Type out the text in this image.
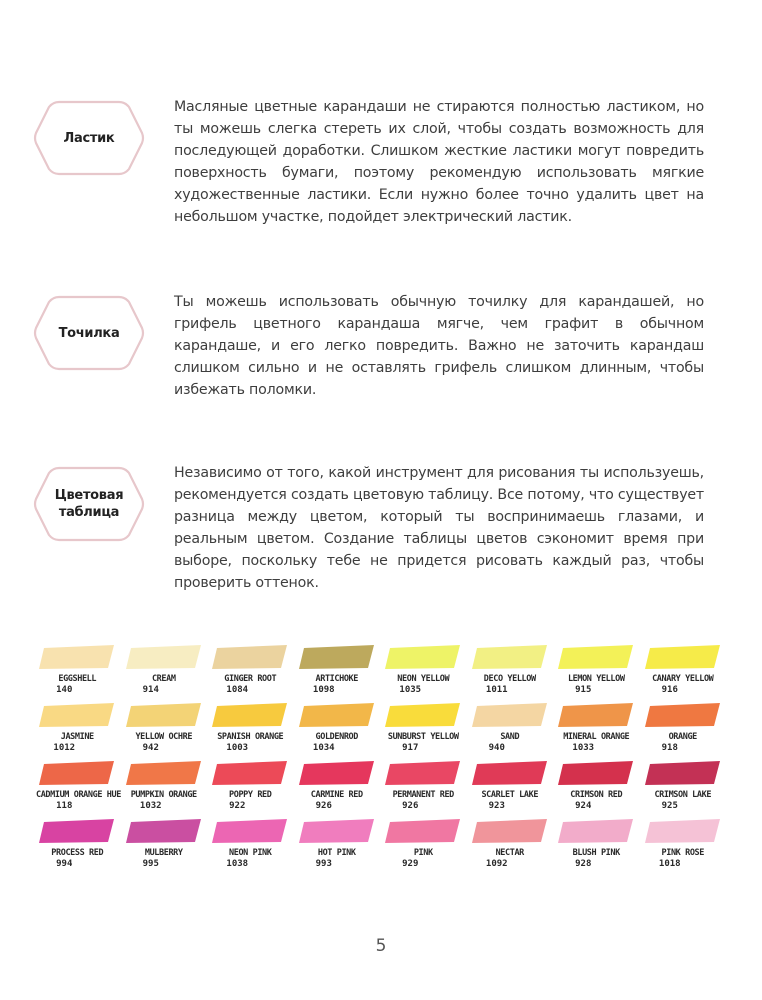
Ластик
Масляные цветные карандаши не стираются полностью ластиком, но ты можешь слегка стереть их слой, чтобы создать возможность для последующей доработки. Слишком жесткие ластики могут повредить поверхность бумаги, поэтому рекомендую использовать мягкие художественные ластики. Если нужно более точно удалить цвет на небольшом участке, подойдет электрический ластик.
Точилка
Ты можешь использовать обычную точилку для карандашей, но грифель цветного карандаша мягче, чем графит в обычном карандаше, и его легко повредить. Важно не заточить карандаш слишком сильно и не оставлять грифель слишком длинным, чтобы избежать поломки.
Цветовая таблица
Независимо от того, какой инструмент для рисования ты используешь, рекомендуется создать цветовую таблицу. Все потому, что существует разница между цветом, который ты воспринимаешь глазами, и реальным цветом. Создание таблицы цветов сэкономит время при выборе, поскольку тебе не придется рисовать каждый раз, чтобы проверить оттенок.
EGGSHELL
140
CREAM
914
GINGER ROOT
1084
ARTICHOKE
1098
NEON YELLOW
1035
DECO YELLOW
1011
LEMON YELLOW
915
CANARY YELLOW
916
JASMINE
1012
YELLOW OCHRE
942
SPANISH ORANGE
1003
GOLDENROD
1034
SUNBURST YELLOW
917
SAND
940
MINERAL ORANGE
1033
ORANGE
918
CADMIUM ORANGE HUE
118
PUMPKIN ORANGE
1032
POPPY RED
922
CARMINE RED
926
PERMANENT RED
926
SCARLET LAKE
923
CRIMSON RED
924
CRIMSON LAKE
925
PROCESS RED
994
MULBERRY
995
NEON PINK
1038
HOT PINK
993
PINK
929
NECTAR
1092
BLUSH PINK
928
PINK ROSE
1018
5
